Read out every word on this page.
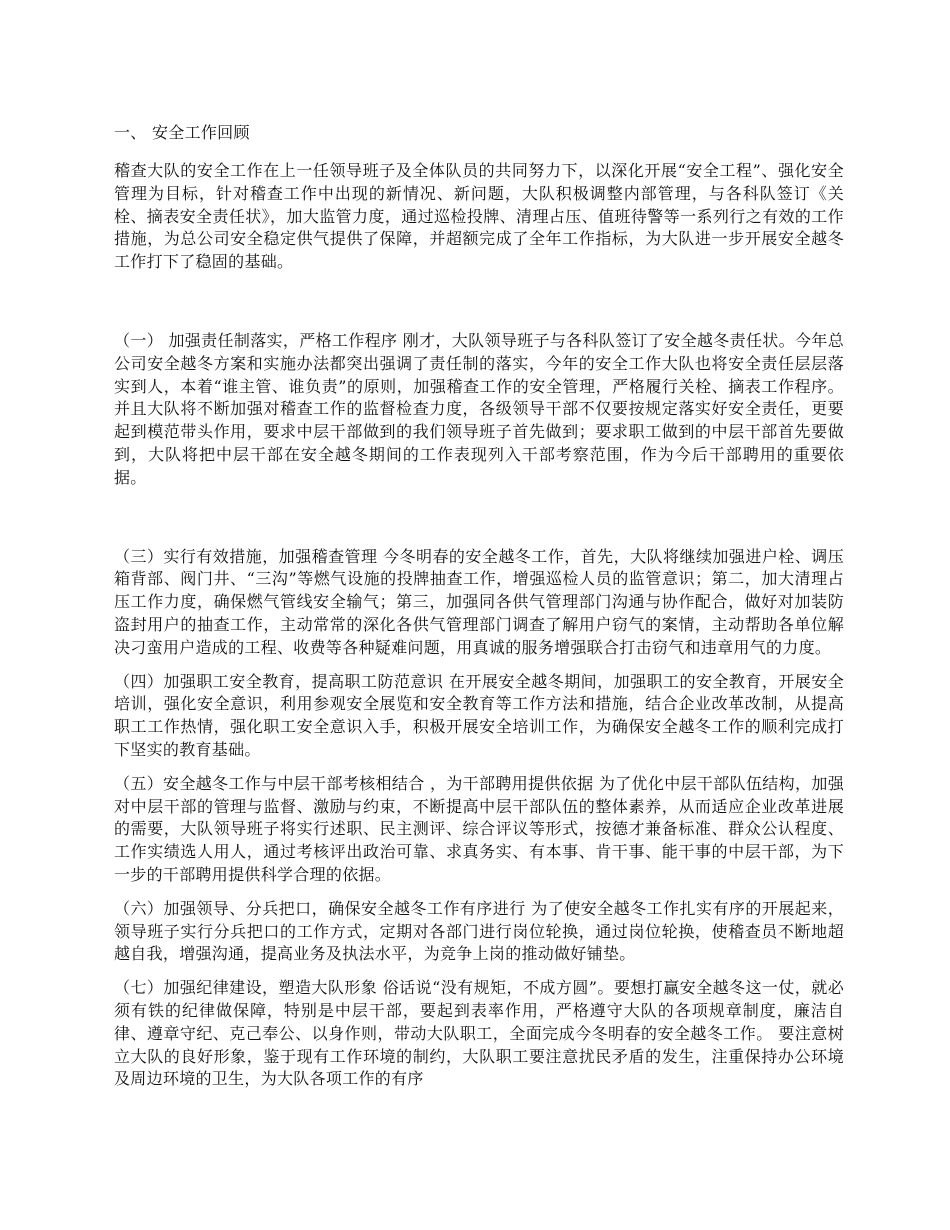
一、 安全工作回顾

稽查大队的安全工作在上一任领导班子及全体队员的共同努力下，以深化开展“安全工程”、强化安全管理为目标，针对稽查工作中出现的新情况、新问题，大队积极调整内部管理，与各科队签订《关栓、摘表安全责任状》，加大监管力度，通过巡检投牌、清理占压、值班待警等一系列行之有效的工作措施，为总公司安全稳定供气提供了保障，并超额完成了全年工作指标，为大队进一步开展安全越冬工作打下了稳固的基础。

（一） 加强责任制落实，严格工作程序 刚才，大队领导班子与各科队签订了安全越冬责任状。今年总公司安全越冬方案和实施办法都突出强调了责任制的落实，今年的安全工作大队也将安全责任层层落实到人，本着“谁主管、谁负责”的原则，加强稽查工作的安全管理，严格履行关栓、摘表工作程序。并且大队将不断加强对稽查工作的监督检查力度，各级领导干部不仅要按规定落实好安全责任，更要起到模范带头作用，要求中层干部做到的我们领导班子首先做到；要求职工做到的中层干部首先要做到，大队将把中层干部在安全越冬期间的工作表现列入干部考察范围，作为今后干部聘用的重要依据。

（三）实行有效措施，加强稽查管理 今冬明春的安全越冬工作，首先，大队将继续加强进户栓、调压箱背部、阀门井、“三沟”等燃气设施的投牌抽查工作，增强巡检人员的监管意识；第二，加大清理占压工作力度，确保燃气管线安全输气；第三，加强同各供气管理部门沟通与协作配合，做好对加装防盗封用户的抽查工作，主动常常的深化各供气管理部门调查了解用户窃气的案情，主动帮助各单位解决刁蛮用户造成的工程、收费等各种疑难问题，用真诚的服务增强联合打击窃气和违章用气的力度。

（四）加强职工安全教育，提高职工防范意识 在开展安全越冬期间，加强职工的安全教育，开展安全培训，强化安全意识，利用参观安全展览和安全教育等工作方法和措施，结合企业改革改制，从提高职工工作热情，强化职工安全意识入手，积极开展安全培训工作，为确保安全越冬工作的顺利完成打下坚实的教育基础。

（五）安全越冬工作与中层干部考核相结合 ，为干部聘用提供依据 为了优化中层干部队伍结构，加强对中层干部的管理与监督、激励与约束，不断提高中层干部队伍的整体素养，从而适应企业改革进展的需要，大队领导班子将实行述职、民主测评、综合评议等形式，按德才兼备标准、群众公认程度、工作实绩选人用人，通过考核评出政治可靠、求真务实、有本事、肯干事、能干事的中层干部，为下一步的干部聘用提供科学合理的依据。

（六）加强领导、分兵把口，确保安全越冬工作有序进行 为了使安全越冬工作扎实有序的开展起来，领导班子实行分兵把口的工作方式，定期对各部门进行岗位轮换，通过岗位轮换，使稽查员不断地超越自我，增强沟通，提高业务及执法水平，为竞争上岗的推动做好铺垫。

（七）加强纪律建设，塑造大队形象 俗话说“没有规矩，不成方圆”。要想打赢安全越冬这一仗，就必须有铁的纪律做保障，特别是中层干部，要起到表率作用，严格遵守大队的各项规章制度，廉洁自律、遵章守纪、克己奉公、以身作则，带动大队职工，全面完成今冬明春的安全越冬工作。 要注意树立大队的良好形象，鉴于现有工作环境的制约，大队职工要注意扰民矛盾的发生，注重保持办公环境及周边环境的卫生，为大队各项工作的有序
